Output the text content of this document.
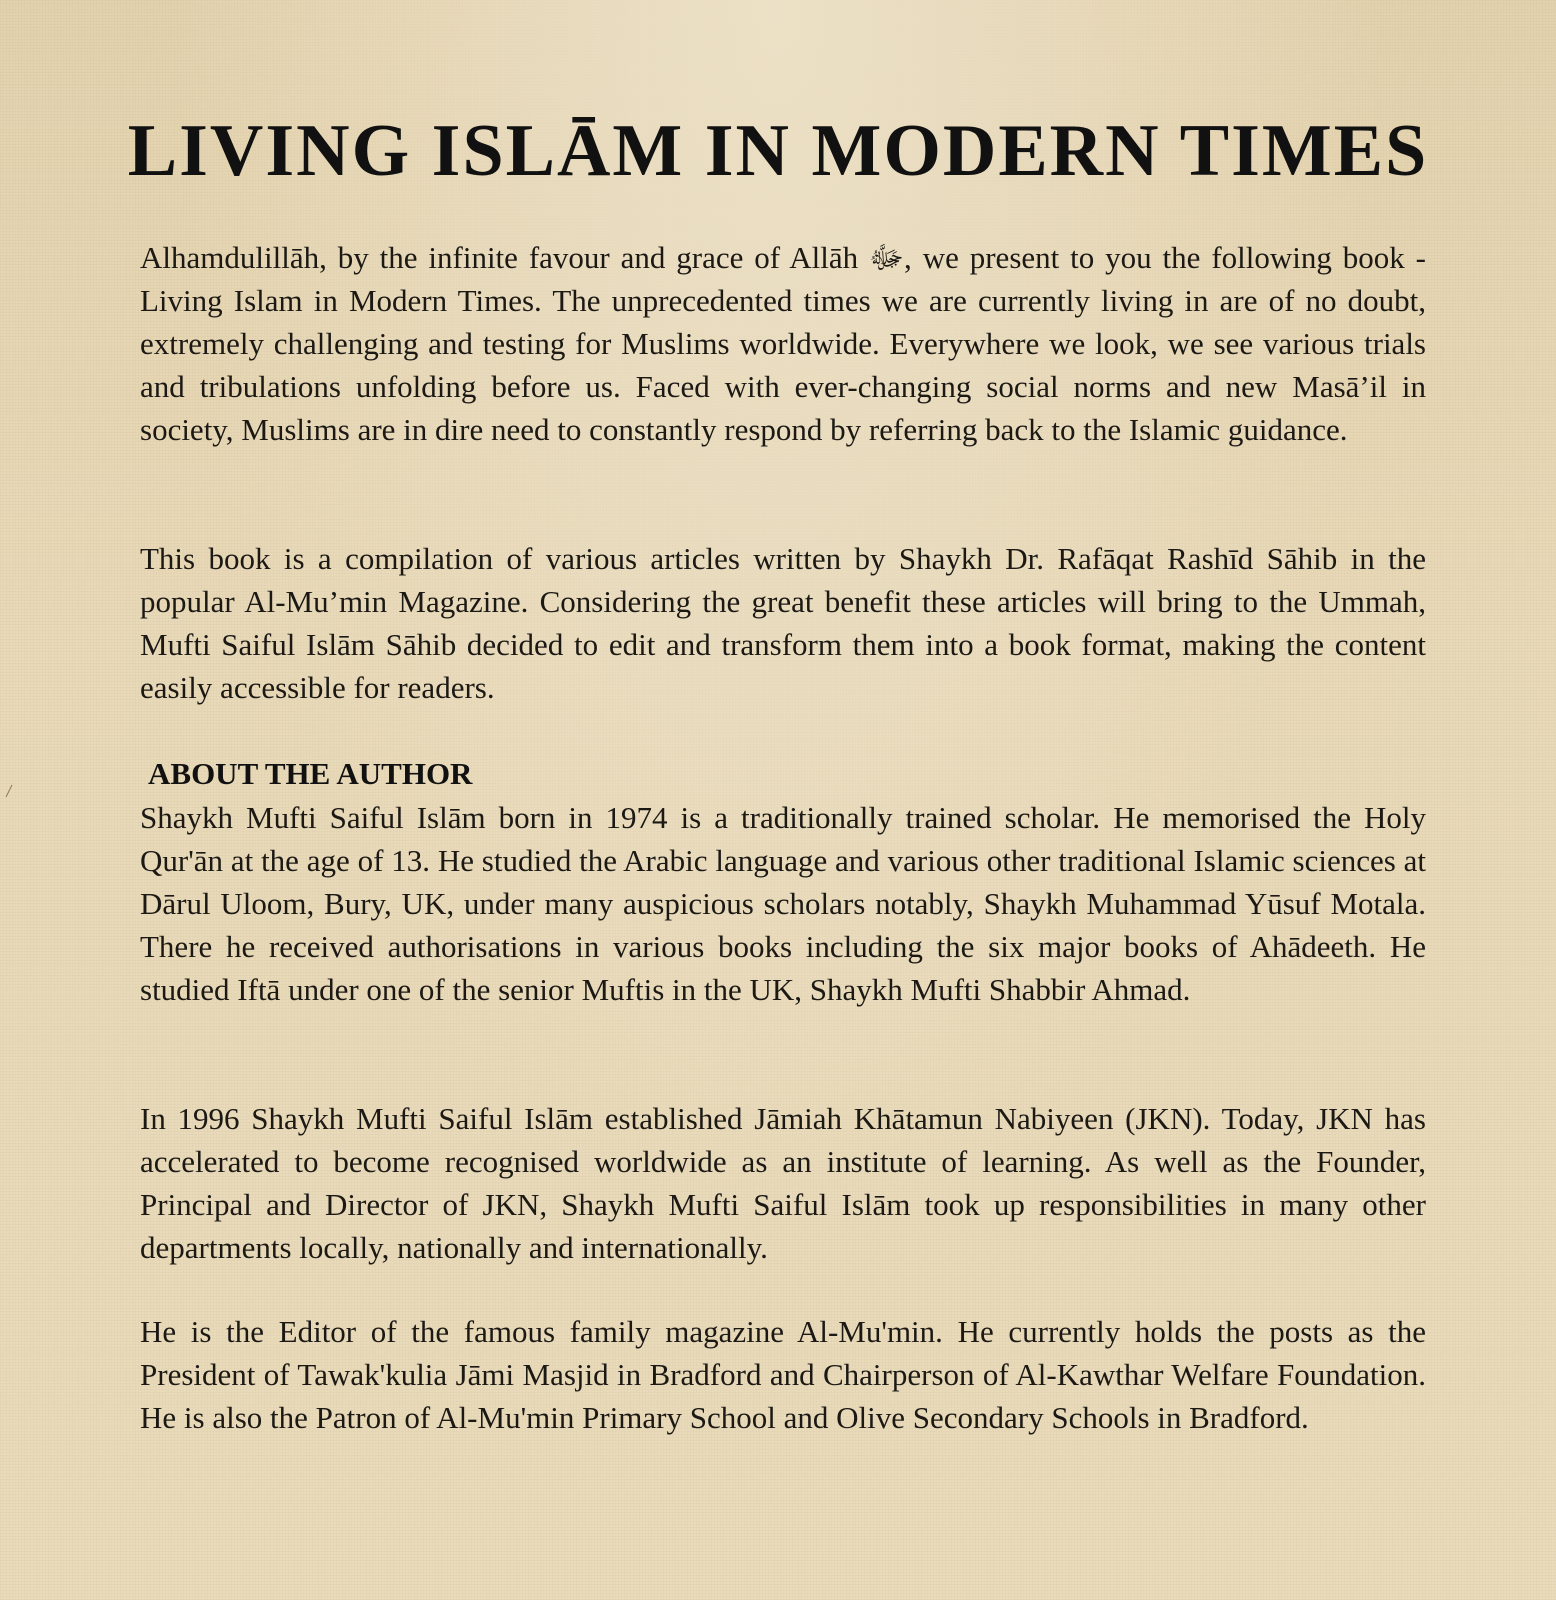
LIVING ISLĀM IN MODERN TIMES

Alhamdulillāh, by the infinite favour and grace of Allāh ﷻ, we present to you the following book - Living Islam in Modern Times. The unprecedented times we are currently living in are of no doubt, extremely challenging and testing for Muslims worldwide. Everywhere we look, we see various trials and tribulations unfolding before us. Faced with ever-changing social norms and new Masā’il in society, Muslims are in dire need to constantly respond by referring back to the Islamic guidance.

This book is a compilation of various articles written by Shaykh Dr. Rafāqat Rashīd Sāhib in the popular Al-Mu’min Magazine. Considering the great benefit these articles will bring to the Ummah, Mufti Saiful Islām Sāhib decided to edit and transform them into a book format, making the content easily accessible for readers.

ABOUT THE AUTHOR

Shaykh Mufti Saiful Islām born in 1974 is a traditionally trained scholar. He memorised the Holy Qur'ān at the age of 13. He studied the Arabic language and various other traditional Islamic sciences at Dārul Uloom, Bury, UK, under many auspicious scholars notably, Shaykh Muhammad Yūsuf Motala. There he received authorisations in various books including the six major books of Ahādeeth. He studied Iftā under one of the senior Muftis in the UK, Shaykh Mufti Shabbir Ahmad.

In 1996 Shaykh Mufti Saiful Islām established Jāmiah Khātamun Nabiyeen (JKN). Today, JKN has accelerated to become recognised worldwide as an institute of learning. As well as the Founder, Principal and Director of JKN, Shaykh Mufti Saiful Islām took up responsibilities in many other departments locally, nationally and internationally.

He is the Editor of the famous family magazine Al-Mu'min. He currently holds the posts as the President of Tawak'kulia Jāmi Masjid in Bradford and Chairperson of Al-Kawthar Welfare Foundation. He is also the Patron of Al-Mu'min Primary School and Olive Secondary Schools in Bradford.
